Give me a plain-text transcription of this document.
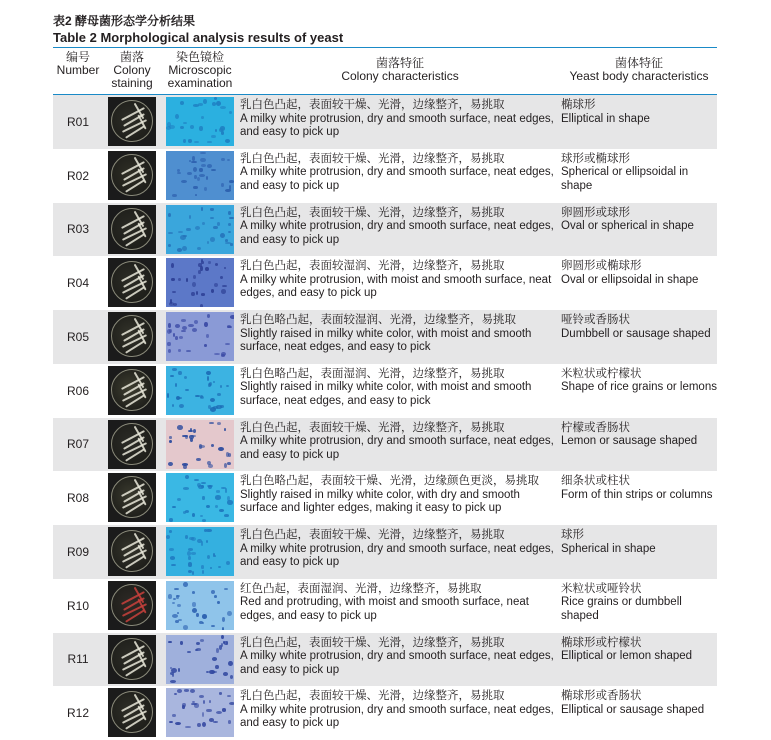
表2 酵母菌形态学分析结果
Table 2 Morphological analysis results of yeast
编号
Number
菌落
Colony
staining
染色镜检
Microscopic
examination
菌落特征
Colony characteristics
菌体特征
Yeast body characteristics
R01
乳白色凸起，表面较干燥、光滑，边缘整齐，易挑取
A milky white protrusion, dry and smooth surface, neat edges, and easy to pick up
椭球形
Elliptical in shape
R02
乳白色凸起，表面较干燥、光滑，边缘整齐，易挑取
A milky white protrusion, dry and smooth surface, neat edges, and easy to pick up
球形或椭球形
Spherical or ellipsoidal in shape
R03
乳白色凸起，表面较干燥、光滑，边缘整齐，易挑取
A milky white protrusion, dry and smooth surface, neat edges, and easy to pick up
卵圆形或球形
Oval or spherical in shape
R04
乳白色凸起，表面较湿润、光滑，边缘整齐，易挑取
A milky white protrusion, with moist and smooth surface, neat edges, and easy to pick up
卵圆形或椭球形
Oval or ellipsoidal in shape
R05
乳白色略凸起，表面较湿润、光滑，边缘整齐，易挑取
Slightly raised in milky white color, with moist and smooth surface, neat edges, and easy to pick
哑铃或香肠状
Dumbbell or sausage shaped
R06
乳白色略凸起，表面湿润、光滑，边缘整齐，易挑取
Slightly raised in milky white color, with moist and smooth surface, neat edges, and easy to pick
米粒状或柠檬状
Shape of rice grains or lemons
R07
乳白色凸起，表面较干燥、光滑，边缘整齐，易挑取
A milky white protrusion, dry and smooth surface, neat edges, and easy to pick up
柠檬或香肠状
Lemon or sausage shaped
R08
乳白色略凸起，表面较干燥、光滑，边缘颜色更淡，易挑取
Slightly raised in milky white color, with dry and smooth surface and lighter edges, making it easy to pick up
细条状或柱状
Form of thin strips or columns
R09
乳白色凸起，表面较干燥、光滑，边缘整齐，易挑取
A milky white protrusion, dry and smooth surface, neat edges, and easy to pick up
球形
Spherical in shape
R10
红色凸起，表面湿润、光滑，边缘整齐，易挑取
Red and protruding, with moist and smooth surface, neat edges, and easy to pick up
米粒状或哑铃状
Rice grains or dumbbell shaped
R11
乳白色凸起，表面较干燥、光滑，边缘整齐，易挑取
A milky white protrusion, dry and smooth surface, neat edges, and easy to pick up
椭球形或柠檬状
Elliptical or lemon shaped
R12
乳白色凸起，表面较干燥、光滑，边缘整齐，易挑取
A milky white protrusion, dry and smooth surface, neat edges, and easy to pick up
椭球形或香肠状
Elliptical or sausage shaped
